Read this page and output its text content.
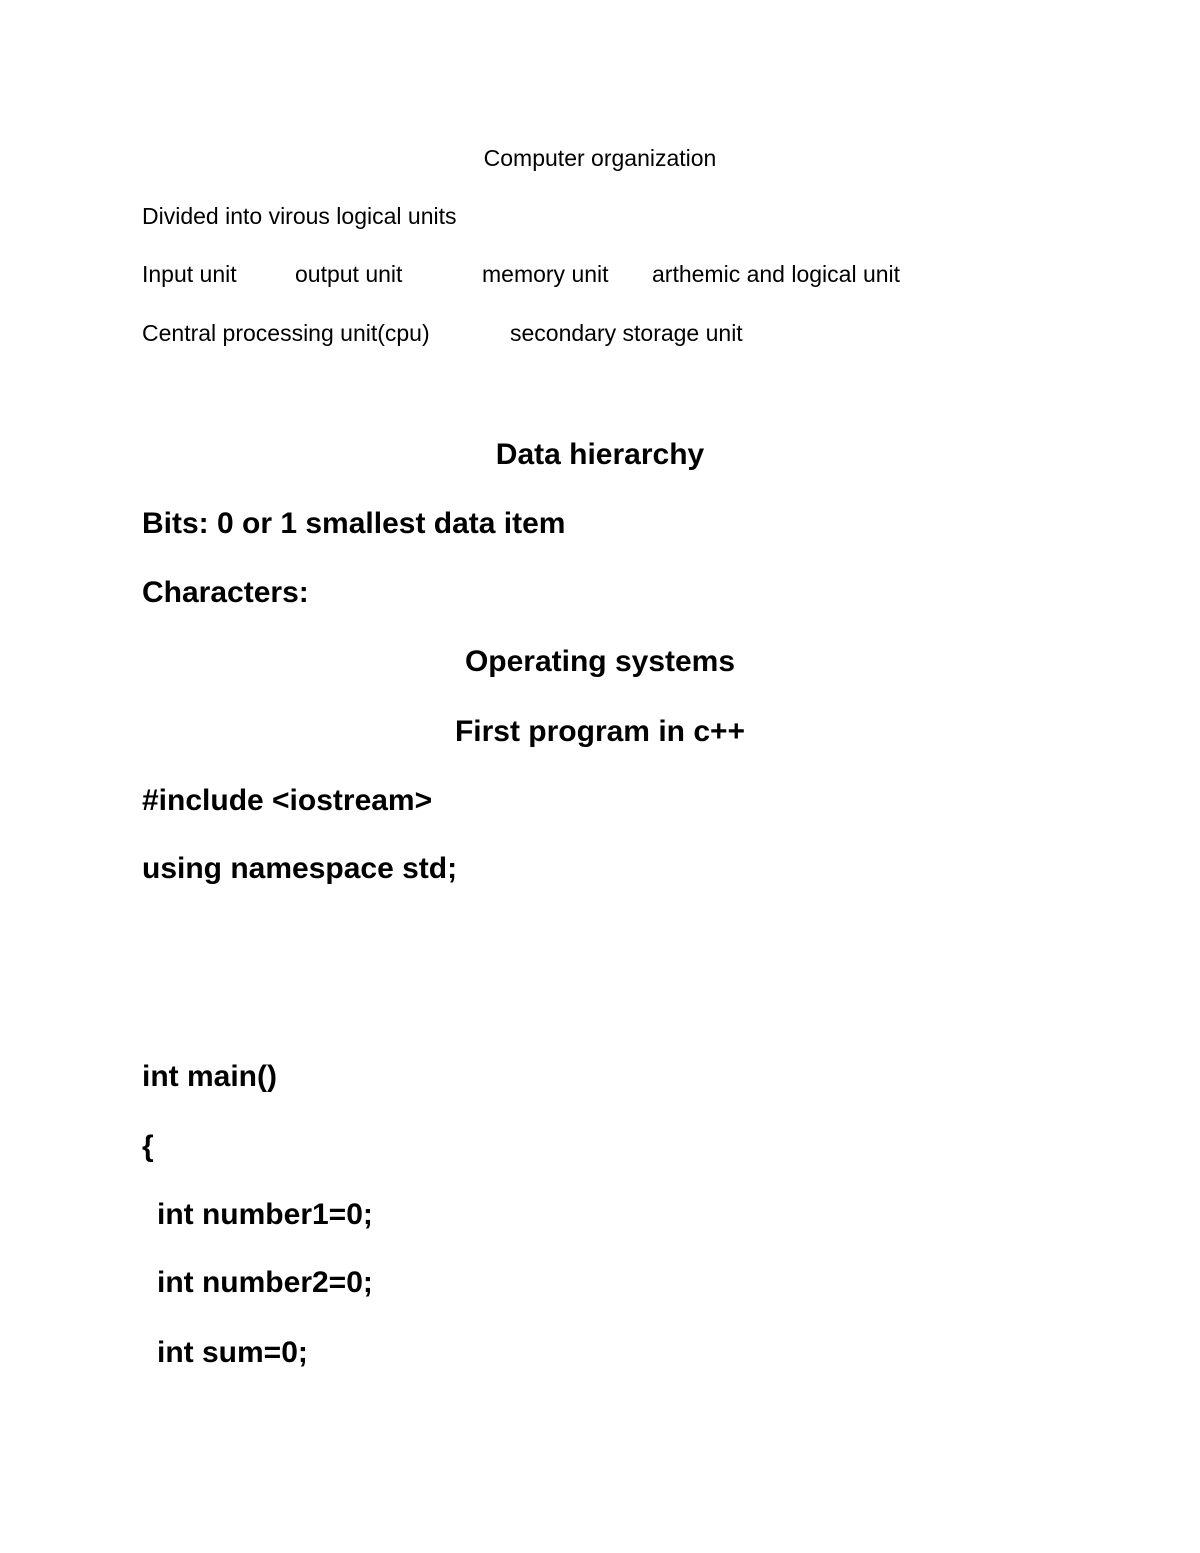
Computer organization
Divided into virous logical units

Input unit

	output unit

	memory unit

arthemic and logical unit

Central processing unit(cpu)

	secondary storage unit

Data hierarchy
Bits: 0 or 1 smallest data item
Characters:
Operating systems
First program in c++
#include <iostream>
using namespace std;
int main()
{
int number1=0;
int number2=0;
int sum=0;
